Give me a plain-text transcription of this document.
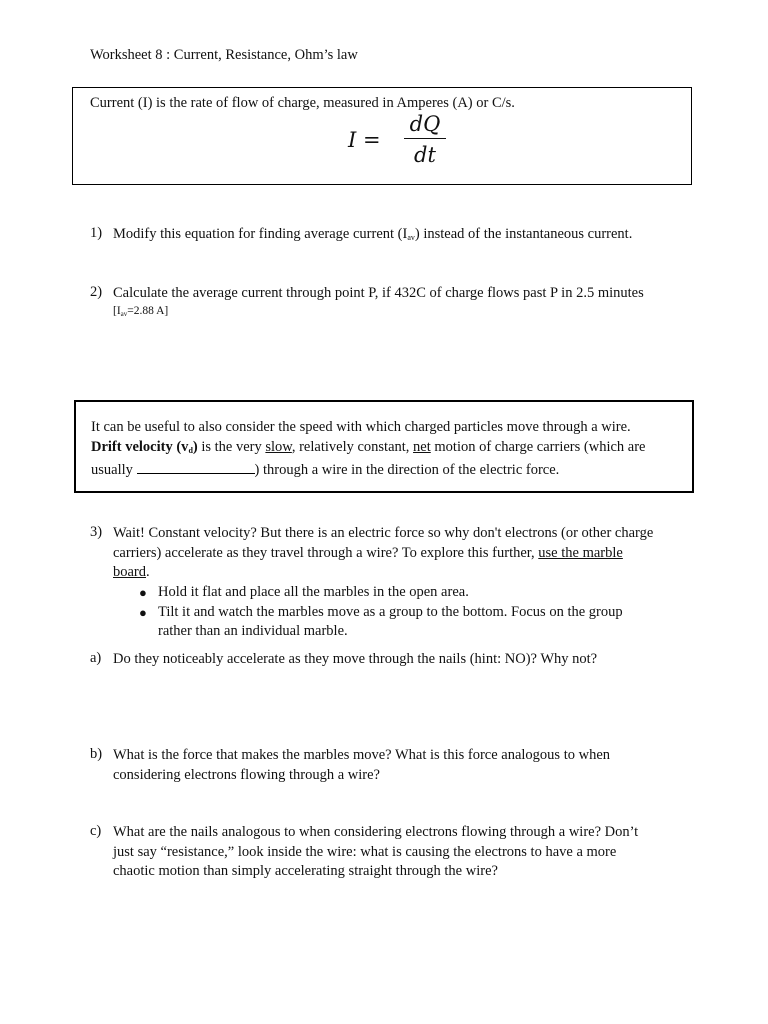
Worksheet 8 : Current, Resistance, Ohm’s law
Current (I) is the rate of flow of charge, measured in Amperes (A) or C/s.
I =
dQ
dt
1) Modify this equation for finding average current $(I_{av})$ instead of the instantaneous current.
2) Calculate the average current through point P, if 432C of charge flows past P in 2.5 minutes
[$I_{av}=2.88$ A]
It can be useful to also consider the speed with which charged particles move through a wire.
Drift velocity $(v_d)$ is the very slow, relatively constant, net motion of charge carriers (which are
usually	) through a wire in the direction of the electric force.
3) Wait! Constant velocity? But there is an electric force so why don't electrons (or other charge
carriers) accelerate as they travel through a wire? To explore this further, use the marble
board.
● Hold it flat and place all the marbles in the open area.
● Tilt it and watch the marbles move as a group to the bottom. Focus on the group
rather than an individual marble.
a) Do they noticeably accelerate as they move through the nails (hint: NO)? Why not?
b) What is the force that makes the marbles move? What is this force analogous to when
considering electrons flowing through a wire?
c) What are the nails analogous to when considering electrons flowing through a wire? Don’t
just say “resistance,” look inside the wire: what is causing the electrons to have a more
chaotic motion than simply accelerating straight through the wire?
